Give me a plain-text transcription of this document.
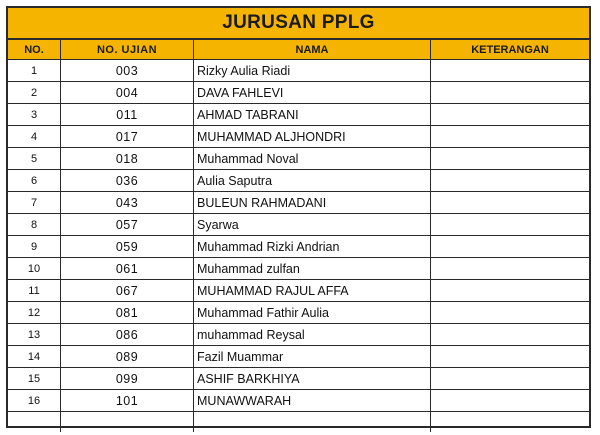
JURUSAN PPLG
NO.	NO. UJIAN	NAMA	KETERANGAN
1	003	Rizky Aulia Riadi	
2	004	DAVA FAHLEVI	
3	011	AHMAD TABRANI	
4	017	MUHAMMAD ALJHONDRI	
5	018	Muhammad Noval	
6	036	Aulia Saputra	
7	043	BULEUN RAHMADANI	
8	057	Syarwa	
9	059	Muhammad Rizki Andrian	
10	061	Muhammad zulfan	
11	067	MUHAMMAD RAJUL AFFA	
12	081	Muhammad Fathir Aulia	
13	086	muhammad Reysal	
14	089	Fazil Muammar	
15	099	ASHIF BARKHIYA	
16	101	MUNAWWARAH	
